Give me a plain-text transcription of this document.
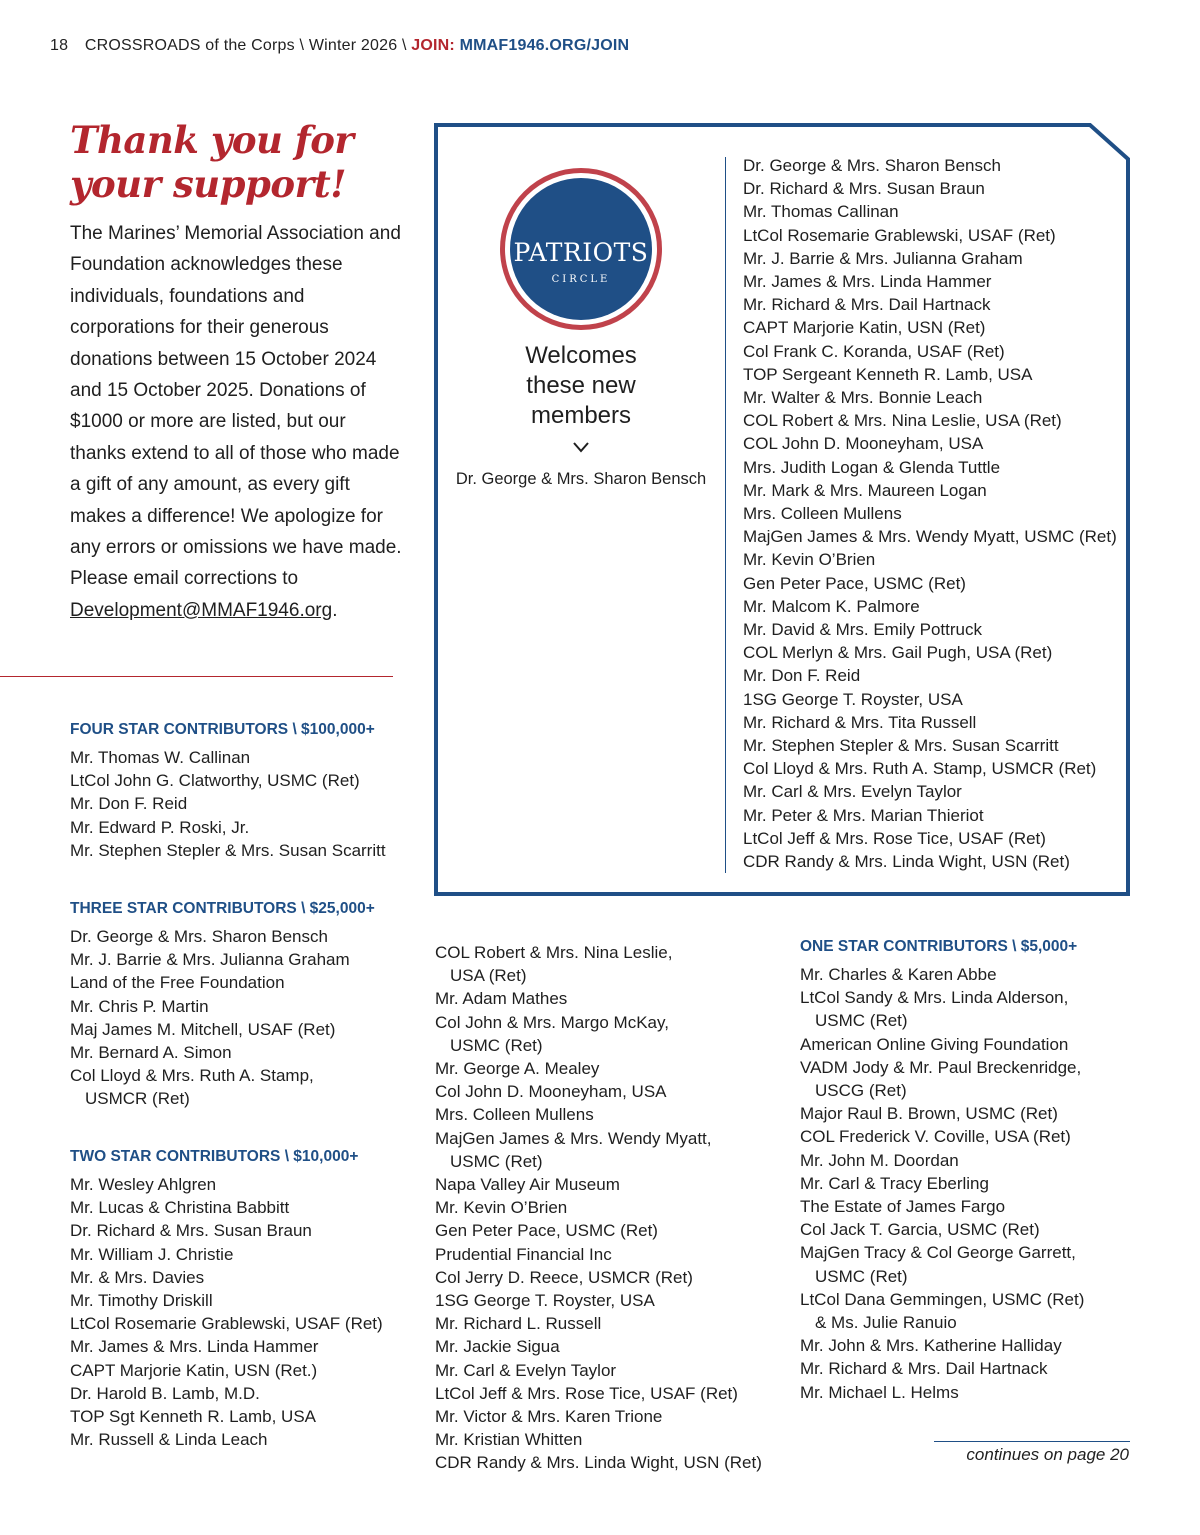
18 CROSSROADS of the Corps \ Winter 2026 \ JOIN: MMAF1946.ORG/JOIN
Thank you for
your support!

The Marines’ Memorial Association and Foundation acknowledges these individuals, foundations and corporations for their generous donations between 15 October 2024 and 15 October 2025. Donations of $1000 or more are listed, but our thanks extend to all of those who made a gift of any amount, as every gift makes a difference! We apologize for any errors or omissions we have made. Please email corrections to Development@MMAF1946.org.

FOUR STAR CONTRIBUTORS \ $100,000+
Mr. Thomas W. Callinan
LtCol John G. Clatworthy, USMC (Ret)
Mr. Don F. Reid
Mr. Edward P. Roski, Jr.
Mr. Stephen Stepler & Mrs. Susan Scarritt
THREE STAR CONTRIBUTORS \ $25,000+
Dr. George & Mrs. Sharon Bensch
Mr. J. Barrie & Mrs. Julianna Graham
Land of the Free Foundation
Mr. Chris P. Martin
Maj James M. Mitchell, USAF (Ret)
Mr. Bernard A. Simon
Col Lloyd & Mrs. Ruth A. Stamp,
USMCR (Ret)
TWO STAR CONTRIBUTORS \ $10,000+
Mr. Wesley Ahlgren
Mr. Lucas & Christina Babbitt
Dr. Richard & Mrs. Susan Braun
Mr. William J. Christie
Mr. & Mrs. Davies
Mr. Timothy Driskill
LtCol Rosemarie Grablewski, USAF (Ret)
Mr. James & Mrs. Linda Hammer
CAPT Marjorie Katin, USN (Ret.)
Dr. Harold B. Lamb, M.D.
TOP Sgt Kenneth R. Lamb, USA
Mr. Russell & Linda Leach
COL Robert & Mrs. Nina Leslie,
USA (Ret)
Mr. Adam Mathes
Col John & Mrs. Margo McKay,
USMC (Ret)
Mr. George A. Mealey
Col John D. Mooneyham, USA
Mrs. Colleen Mullens
MajGen James & Mrs. Wendy Myatt,
USMC (Ret)
Napa Valley Air Museum
Mr. Kevin O’Brien
Gen Peter Pace, USMC (Ret)
Prudential Financial Inc
Col Jerry D. Reece, USMCR (Ret)
1SG George T. Royster, USA
Mr. Richard L. Russell
Mr. Jackie Sigua
Mr. Carl & Evelyn Taylor
LtCol Jeff & Mrs. Rose Tice, USAF (Ret)
Mr. Victor & Mrs. Karen Trione
Mr. Kristian Whitten
CDR Randy & Mrs. Linda Wight, USN (Ret)
ONE STAR CONTRIBUTORS \ $5,000+
Mr. Charles & Karen Abbe
LtCol Sandy & Mrs. Linda Alderson,
USMC (Ret)
American Online Giving Foundation
VADM Jody & Mr. Paul Breckenridge,
USCG (Ret)
Major Raul B. Brown, USMC (Ret)
COL Frederick V. Coville, USA (Ret)
Mr. John M. Doordan
Mr. Carl & Tracy Eberling
The Estate of James Fargo
Col Jack T. Garcia, USMC (Ret)
MajGen Tracy & Col George Garrett,
USMC (Ret)
LtCol Dana Gemmingen, USMC (Ret)
& Ms. Julie Ranuio
Mr. John & Mrs. Katherine Halliday
Mr. Richard & Mrs. Dail Hartnack
Mr. Michael L. Helms
PATRIOTS
CIRCLE

Welcomes
these new
members

Dr. George & Mrs. Sharon Bensch
Dr. George & Mrs. Sharon Bensch
Dr. Richard & Mrs. Susan Braun
Mr. Thomas Callinan
LtCol Rosemarie Grablewski, USAF (Ret)
Mr. J. Barrie & Mrs. Julianna Graham
Mr. James & Mrs. Linda Hammer
Mr. Richard & Mrs. Dail Hartnack
CAPT Marjorie Katin, USN (Ret)
Col Frank C. Koranda, USAF (Ret)
TOP Sergeant Kenneth R. Lamb, USA
Mr. Walter & Mrs. Bonnie Leach
COL Robert & Mrs. Nina Leslie, USA (Ret)
COL John D. Mooneyham, USA
Mrs. Judith Logan & Glenda Tuttle
Mr. Mark & Mrs. Maureen Logan
Mrs. Colleen Mullens
MajGen James & Mrs. Wendy Myatt, USMC (Ret)
Mr. Kevin O’Brien
Gen Peter Pace, USMC (Ret)
Mr. Malcom K. Palmore
Mr. David & Mrs. Emily Pottruck
COL Merlyn & Mrs. Gail Pugh, USA (Ret)
Mr. Don F. Reid
1SG George T. Royster, USA
Mr. Richard & Mrs. Tita Russell
Mr. Stephen Stepler & Mrs. Susan Scarritt
Col Lloyd & Mrs. Ruth A. Stamp, USMCR (Ret)
Mr. Carl & Mrs. Evelyn Taylor
Mr. Peter & Mrs. Marian Thieriot
LtCol Jeff & Mrs. Rose Tice, USAF (Ret)
CDR Randy & Mrs. Linda Wight, USN (Ret)
continues on page 20
